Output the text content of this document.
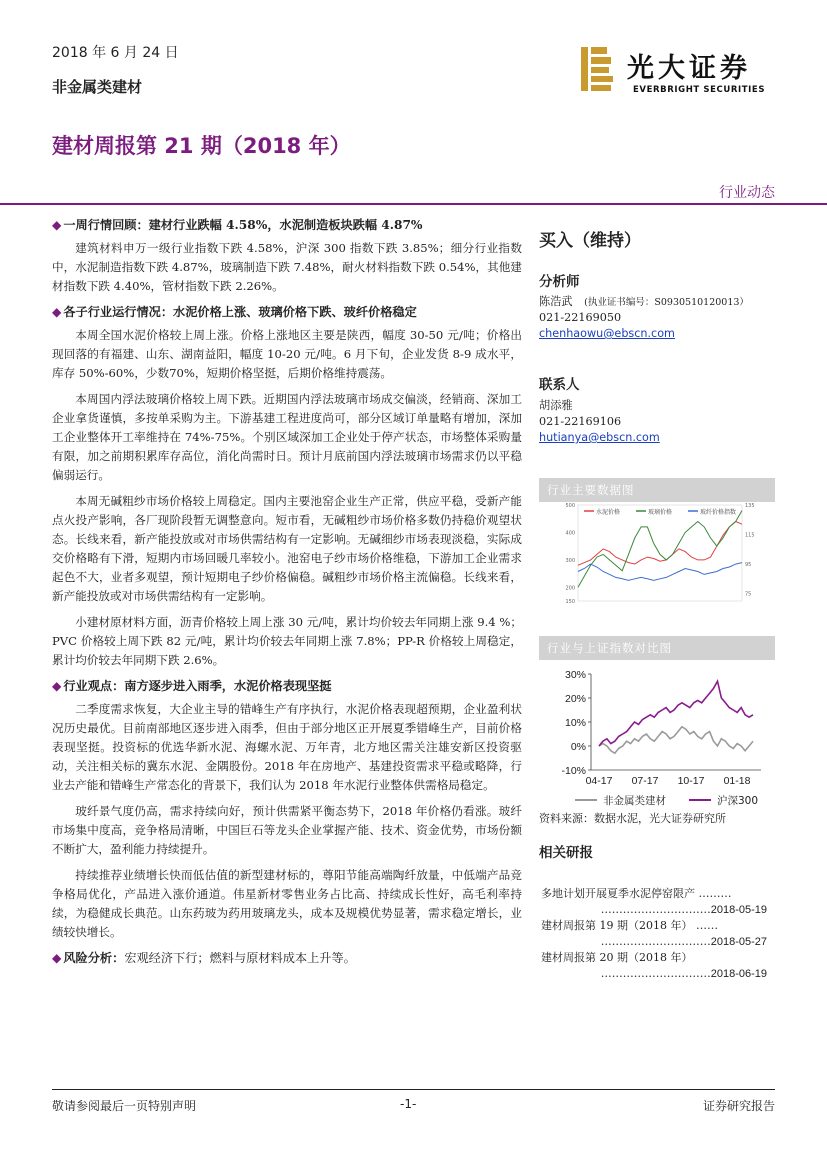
2018 年 6 月 24 日
非金属类建材
光大证券
EVERBRIGHT SECURITIES
建材周报第 21 期（2018 年）
行业动态
◆ 一周行情回顾：建材行业跌幅 4.58%，水泥制造板块跌幅 4.87%

建筑材料申万一级行业指数下跌 4.58%，沪深 300 指数下跌 3.85%；细分行业指数中，水泥制造指数下跌 4.87%，玻璃制造下跌 7.48%，耐火材料指数下跌 0.54%，其他建材指数下跌 4.40%，管材指数下跌 2.26%。

◆ 各子行业运行情况：水泥价格上涨、玻璃价格下跌、玻纤价格稳定

本周全国水泥价格较上周上涨。价格上涨地区主要是陕西，幅度 30-50 元/吨；价格出现回落的有福建、山东、湖南益阳，幅度 10-20 元/吨。6 月下旬，企业发货 8-9 成水平，库存 50%-60%，少数70%，短期价格坚挺，后期价格维持震荡。

本周国内浮法玻璃价格较上周下跌。近期国内浮法玻璃市场成交偏淡，经销商、深加工企业拿货谨慎，多按单采购为主。下游基建工程进度尚可，部分区域订单量略有增加，深加工企业整体开工率维持在 74%-75%。个别区域深加工企业处于停产状态，市场整体采购量有限，加之前期积累库存高位，消化尚需时日。预计月底前国内浮法玻璃市场需求仍以平稳偏弱运行。

本周无碱粗纱市场价格较上周稳定。国内主要池窑企业生产正常，供应平稳，受新产能点火投产影响，各厂现阶段暂无调整意向。短市看，无碱粗纱市场价格多数仍持稳价观望状态。长线来看，新产能投放或对市场供需结构有一定影响。无碱细纱市场表现淡稳，实际成交价格略有下滑，短期内市场回暖几率较小。池窑电子纱市场价格维稳，下游加工企业需求起色不大，业者多观望，预计短期电子纱价格偏稳。碱粗纱市场价格主流偏稳。长线来看，新产能投放或对市场供需结构有一定影响。

小建材原材料方面，沥青价格较上周上涨 30 元/吨，累计均价较去年同期上涨 9.4 %；PVC 价格较上周下跌 82 元/吨，累计均价较去年同期上涨 7.8%；PP-R 价格较上周稳定，累计均价较去年同期下跌 2.6%。

◆ 行业观点：南方逐步进入雨季，水泥价格表现坚挺

二季度需求恢复，大企业主导的错峰生产有序执行，水泥价格表现超预期，企业盈利状况历史最优。目前南部地区逐步进入雨季，但由于部分地区正开展夏季错峰生产，目前价格表现坚挺。投资标的优选华新水泥、海螺水泥、万年青，北方地区需关注雄安新区投资驱动，关注相关标的冀东水泥、金隅股份。2018 年在房地产、基建投资需求平稳或略降，行业去产能和错峰生产常态化的背景下，我们认为 2018 年水泥行业整体供需格局稳定。

玻纤景气度仍高，需求持续向好，预计供需紧平衡态势下，2018 年价格仍看涨。玻纤市场集中度高，竞争格局清晰，中国巨石等龙头企业掌握产能、技术、资金优势，市场份额不断扩大，盈利能力持续提升。

持续推荐业绩增长快而低估值的新型建材标的，尊阳节能高端陶纤放量，中低端产品竞争格局优化，产品进入涨价通道。伟星新材零售业务占比高、持续成长性好，高毛利率持续，为稳健成长典范。山东药玻为药用玻璃龙头，成本及规模优势显著，需求稳定增长，业绩较快增长。

◆ 风险分析：宏观经济下行；燃料与原材料成本上升等。
买入（维持）
分析师
陈浩武 (执业证书编号：S0930510120013）
021-22169050
chenhaowu@ebscn.com
联系人
胡添雅
021-22169106
hutianya@ebscn.com
行业主要数据图
水泥价格	玻璃价格	玻纤价格指数
500
400
300
200
150
135
115
95
75
行业与上证指数对比图
30%
20%
10%
0%
-10%
04-17 07-17 10-17 01-18
非金属类建材	沪深300
资料来源：数据水泥，光大证券研究所
相关研报
多地计划开展夏季水泥停窑限产 ………
…………………………2018-05-19
建材周报第 19 期（2018 年） ……
…………………………2018-05-27
建材周报第 20 期（2018 年）
…………………………2018-06-19
敬请参阅最后一页特别声明	-1-	证券研究报告
